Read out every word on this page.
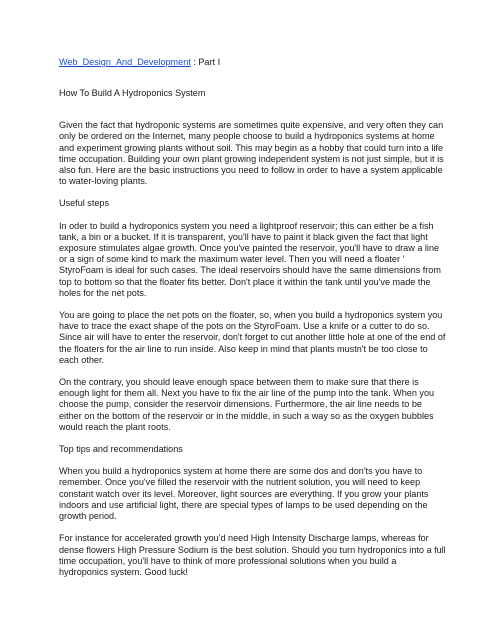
Web_Design_And_Development : Part I

How To Build A Hydroponics System

Given the fact that hydroponic systems are sometimes quite expensive, and very often they can only be ordered on the Internet, many people choose to build a hydroponics systems at home and experiment growing plants without soil. This may begin as a hobby that could turn into a life time occupation. Building your own plant growing independent system is not just simple, but it is also fun. Here are the basic instructions you need to follow in order to have a system applicable to water-loving plants.

Useful steps

In oder to build a hydroponics system you need a lightproof reservoir; this can either be a fish tank, a bin or a bucket. If it is transparent, you'll have to paint it black given the fact that light exposure stimulates algae growth. Once you've painted the reservoir, you'll have to draw a line or a sign of some kind to mark the maximum water level. Then you will need a floater ' StyroFoam is ideal for such cases. The ideal reservoirs should have the same dimensions from top to bottom so that the floater fits better. Don't place it within the tank until you've made the holes for the net pots.

You are going to place the net pots on the floater, so, when you build a hydroponics system you have to trace the exact shape of the pots on the StyroFoam. Use a knife or a cutter to do so. Since air will have to enter the reservoir, don't forget to cut another little hole at one of the end of the floaters for the air line to run inside. Also keep in mind that plants mustn't be too close to each other.

On the contrary, you should leave enough space between them to make sure that there is enough light for them all. Next you have to fix the air line of the pump into the tank. When you choose the pump, consider the reservoir dimensions. Furthermore, the air line needs to be either on the bottom of the reservoir or in the middle, in such a way so as the oxygen bubbles would reach the plant roots.

Top tips and recommendations

When you build a hydroponics system at home there are some dos and don'ts you have to remember. Once you've filled the reservoir with the nutrient solution, you will need to keep constant watch over its level. Moreover, light sources are everything. If you grow your plants indoors and use artificial light, there are special types of lamps to be used depending on the growth period.

For instance for accelerated growth you'd need High Intensity Discharge lamps, whereas for dense flowers High Pressure Sodium is the best solution. Should you turn hydroponics into a full time occupation, you'll have to think of more professional solutions when you build a hydroponics system. Good luck!
